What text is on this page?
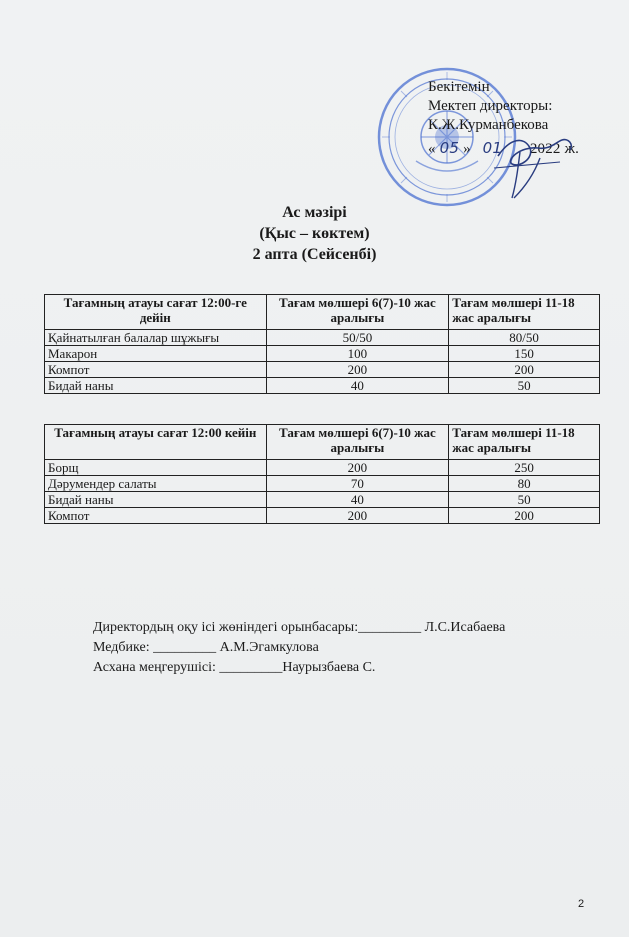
Бекітемін
Мектеп директоры:
К.Ж.Курманбекова
« 05 » 01 2022 ж.
Ас мәзірі
(Қыс – көктем)
2 апта (Сейсенбі)
Тағамның атауы сағат 12:00-ге дейін	Тағам мөлшері 6(7)-10 жас аралығы	Тағам мөлшері 11-18 жас аралығы
Қайнатылған балалар шұжығы	50/50	80/50
Макарон	100	150
Компот	200	200
Бидай наны	40	50
Тағамның атауы сағат 12:00 кейін	Тағам мөлшері 6(7)-10 жас аралығы	Тағам мөлшері 11-18 жас аралығы
Борщ	200	250
Дәрумендер салаты	70	80
Бидай наны	40	50
Компот	200	200
Директордың оқу ісі жөніндегі орынбасары:_________ Л.С.Исабаева
Медбике: _________ А.М.Эгамкулова
Асхана меңгерушісі: _________Наурызбаева С.
2
